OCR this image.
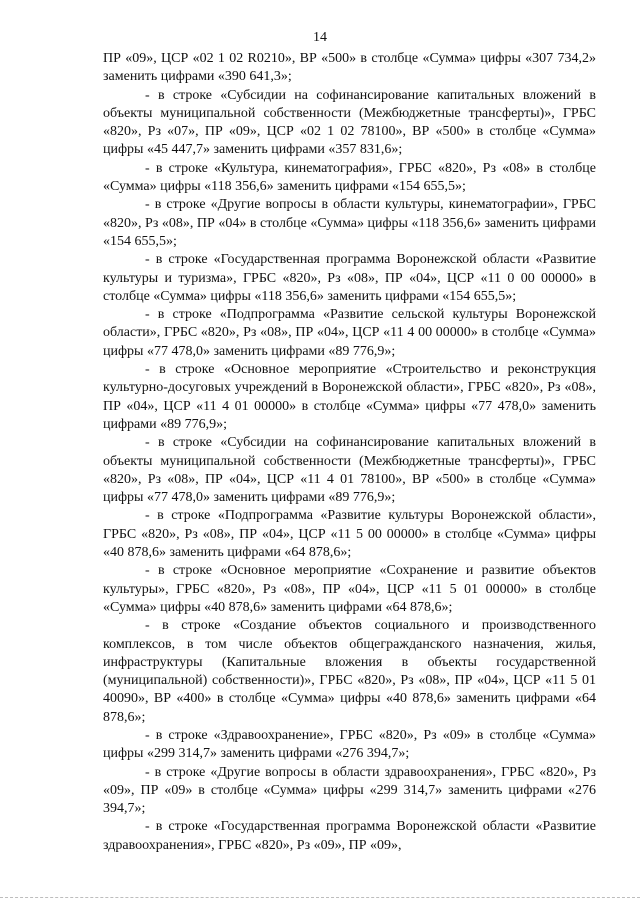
14

ПР «09», ЦСР «02 1 02 R0210», ВР «500» в столбце «Сумма» цифры «307 734,2» заменить цифрами «390 641,3»;

- в строке «Субсидии на софинансирование капитальных вложений в объекты муниципальной собственности (Межбюджетные трансферты)», ГРБС «820», Рз «07», ПР «09», ЦСР «02 1 02 78100», ВР «500» в столбце «Сумма» цифры «45 447,7» заменить цифрами «357 831,6»;

- в строке «Культура, кинематография», ГРБС «820», Рз «08» в столбце «Сумма» цифры «118 356,6» заменить цифрами «154 655,5»;

- в строке «Другие вопросы в области культуры, кинематографии», ГРБС «820», Рз «08», ПР «04» в столбце «Сумма» цифры «118 356,6» заменить цифрами «154 655,5»;

- в строке «Государственная программа Воронежской области «Развитие культуры и туризма», ГРБС «820», Рз «08», ПР «04», ЦСР «11 0 00 00000» в столбце «Сумма» цифры «118 356,6» заменить цифрами «154 655,5»;

- в строке «Подпрограмма «Развитие сельской культуры Воронежской области», ГРБС «820», Рз «08», ПР «04», ЦСР «11 4 00 00000» в столбце «Сумма» цифры «77 478,0» заменить цифрами «89 776,9»;

- в строке «Основное мероприятие «Строительство и реконструкция культурно-досуговых учреждений в Воронежской области», ГРБС «820», Рз «08», ПР «04», ЦСР «11 4 01 00000» в столбце «Сумма» цифры «77 478,0» заменить цифрами «89 776,9»;

- в строке «Субсидии на софинансирование капитальных вложений в объекты муниципальной собственности (Межбюджетные трансферты)», ГРБС «820», Рз «08», ПР «04», ЦСР «11 4 01 78100», ВР «500» в столбце «Сумма» цифры «77 478,0» заменить цифрами «89 776,9»;

- в строке «Подпрограмма «Развитие культуры Воронежской области», ГРБС «820», Рз «08», ПР «04», ЦСР «11 5 00 00000» в столбце «Сумма» цифры «40 878,6» заменить цифрами «64 878,6»;

- в строке «Основное мероприятие «Сохранение и развитие объектов культуры», ГРБС «820», Рз «08», ПР «04», ЦСР «11 5 01 00000» в столбце «Сумма» цифры «40 878,6» заменить цифрами «64 878,6»;

- в строке «Создание объектов социального и производственного комплексов, в том числе объектов общегражданского назначения, жилья, инфраструктуры (Капитальные вложения в объекты государственной (муниципальной) собственности)», ГРБС «820», Рз «08», ПР «04», ЦСР «11 5 01 40090», ВР «400» в столбце «Сумма» цифры «40 878,6» заменить цифрами «64 878,6»;

- в строке «Здравоохранение», ГРБС «820», Рз «09» в столбце «Сумма» цифры «299 314,7» заменить цифрами «276 394,7»;

- в строке «Другие вопросы в области здравоохранения», ГРБС «820», Рз «09», ПР «09» в столбце «Сумма» цифры «299 314,7» заменить цифрами «276 394,7»;

- в строке «Государственная программа Воронежской области «Развитие здравоохранения», ГРБС «820», Рз «09», ПР «09»,
